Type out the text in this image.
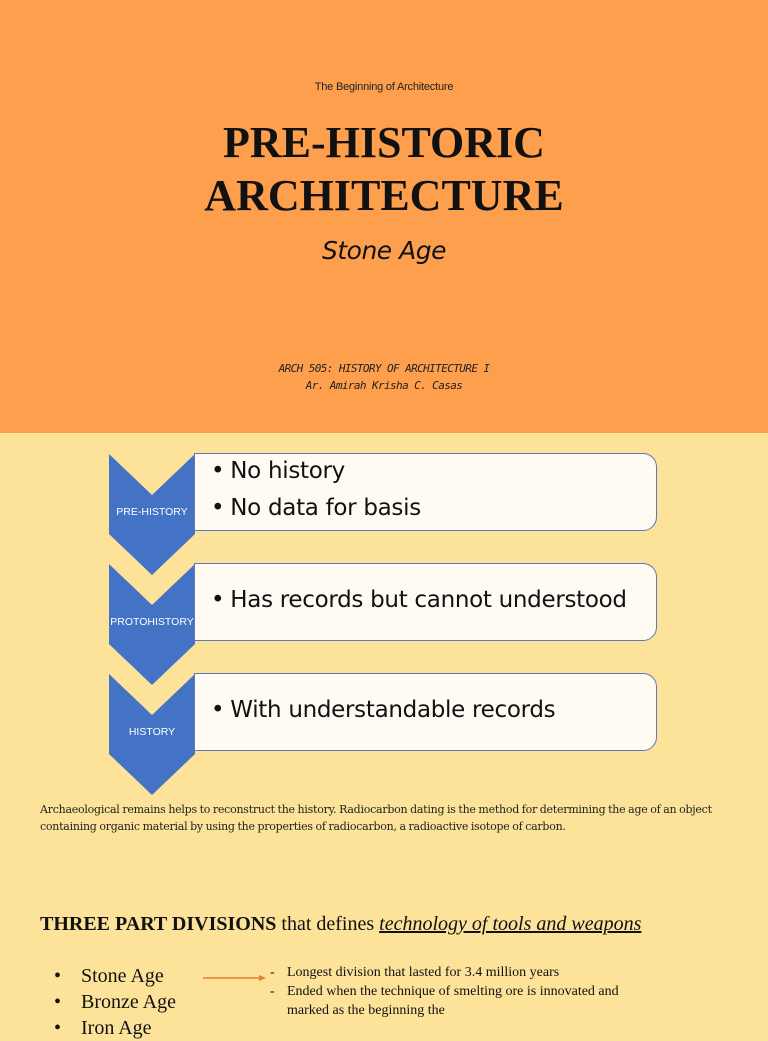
The Beginning of Architecture
PRE-HISTORIC
ARCHITECTURE
Stone Age
ARCH 505: HISTORY OF ARCHITECTURE I
Ar. Amirah Krisha C. Casas
PRE-HISTORY
• No history
• No data for basis
PROTOHISTORY
• Has records but cannot understood
HISTORY
• With understandable records
Archaeological remains helps to reconstruct the history. Radiocarbon dating is the method for determining the age of an object containing organic material by using the properties of radiocarbon, a radioactive isotope of carbon.
THREE PART DIVISIONS that defines technology of tools and weapons
• Stone Age
• Bronze Age
• Iron Age
- Longest division that lasted for 3.4 million years
- Ended when the technique of smelting ore is innovated and marked as the beginning the
